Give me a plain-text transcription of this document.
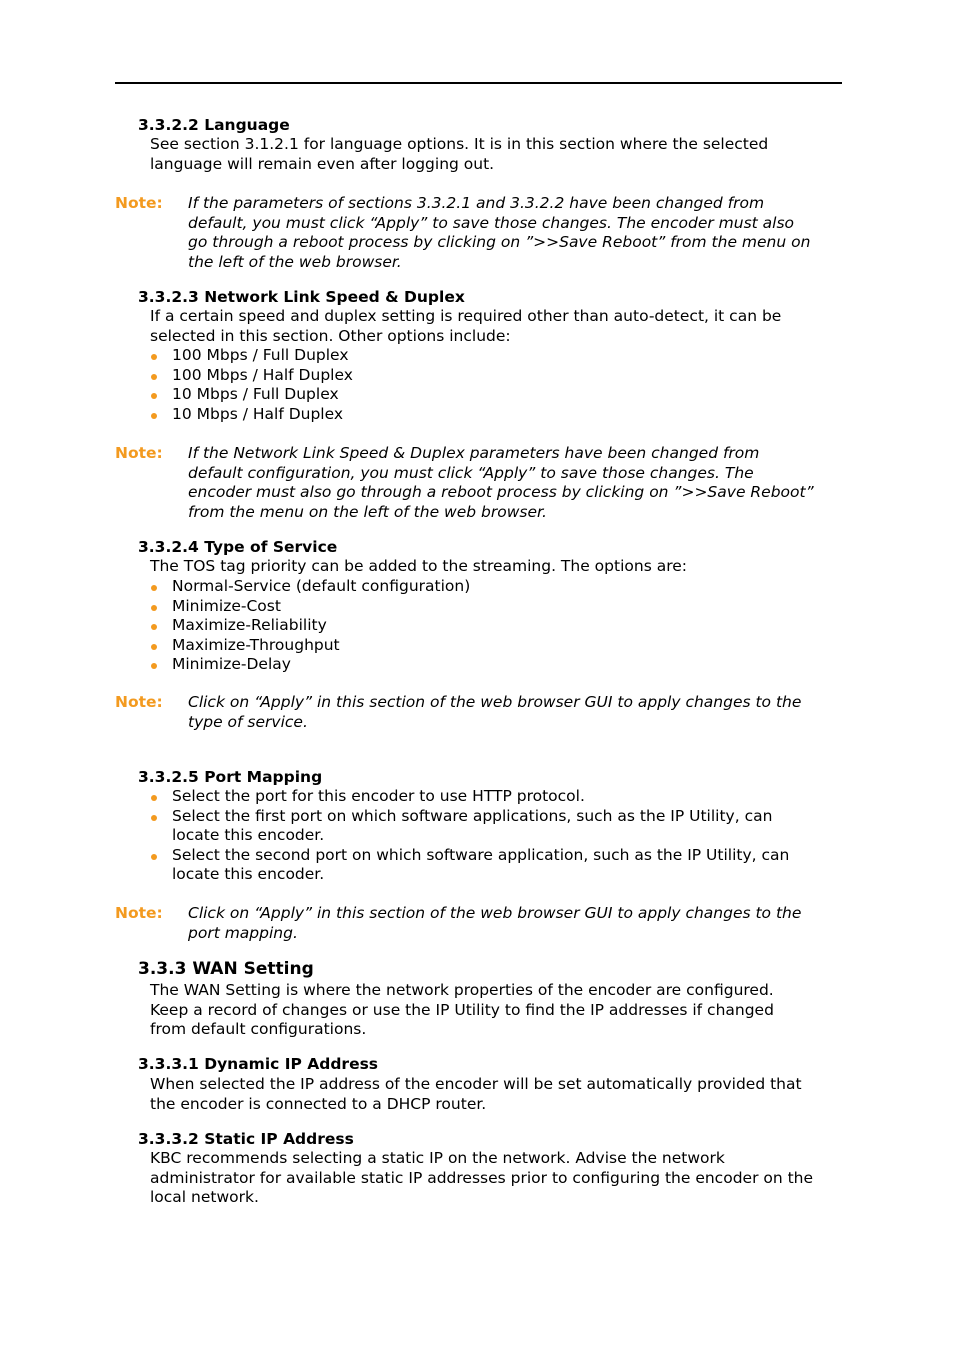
3.3.2.2 Language
See section 3.1.2.1 for language options. It is in this section where the selected
language will remain even after logging out.
Note: If the parameters of sections 3.3.2.1 and 3.3.2.2 have been changed from
default, you must click “Apply” to save those changes. The encoder must also
go through a reboot process by clicking on ”>>Save Reboot” from the menu on
the left of the web browser.
3.3.2.3 Network Link Speed & Duplex
If a certain speed and duplex setting is required other than auto-detect, it can be
selected in this section. Other options include:
100 Mbps / Full Duplex
100 Mbps / Half Duplex
10 Mbps / Full Duplex
10 Mbps / Half Duplex
Note: If the Network Link Speed & Duplex parameters have been changed from
default configuration, you must click “Apply” to save those changes. The
encoder must also go through a reboot process by clicking on ”>>Save Reboot”
from the menu on the left of the web browser.
3.3.2.4 Type of Service
The TOS tag priority can be added to the streaming. The options are:
Normal-Service (default configuration)
Minimize-Cost
Maximize-Reliability
Maximize-Throughput
Minimize-Delay
Note: Click on “Apply” in this section of the web browser GUI to apply changes to the
type of service.
3.3.2.5 Port Mapping
Select the port for this encoder to use HTTP protocol.
Select the first port on which software applications, such as the IP Utility, can
locate this encoder.
Select the second port on which software application, such as the IP Utility, can
locate this encoder.
Note: Click on “Apply” in this section of the web browser GUI to apply changes to the
port mapping.
3.3.3 WAN Setting
The WAN Setting is where the network properties of the encoder are configured.
Keep a record of changes or use the IP Utility to find the IP addresses if changed
from default configurations.
3.3.3.1 Dynamic IP Address
When selected the IP address of the encoder will be set automatically provided that
the encoder is connected to a DHCP router.
3.3.3.2 Static IP Address
KBC recommends selecting a static IP on the network. Advise the network
administrator for available static IP addresses prior to configuring the encoder on the
local network.
